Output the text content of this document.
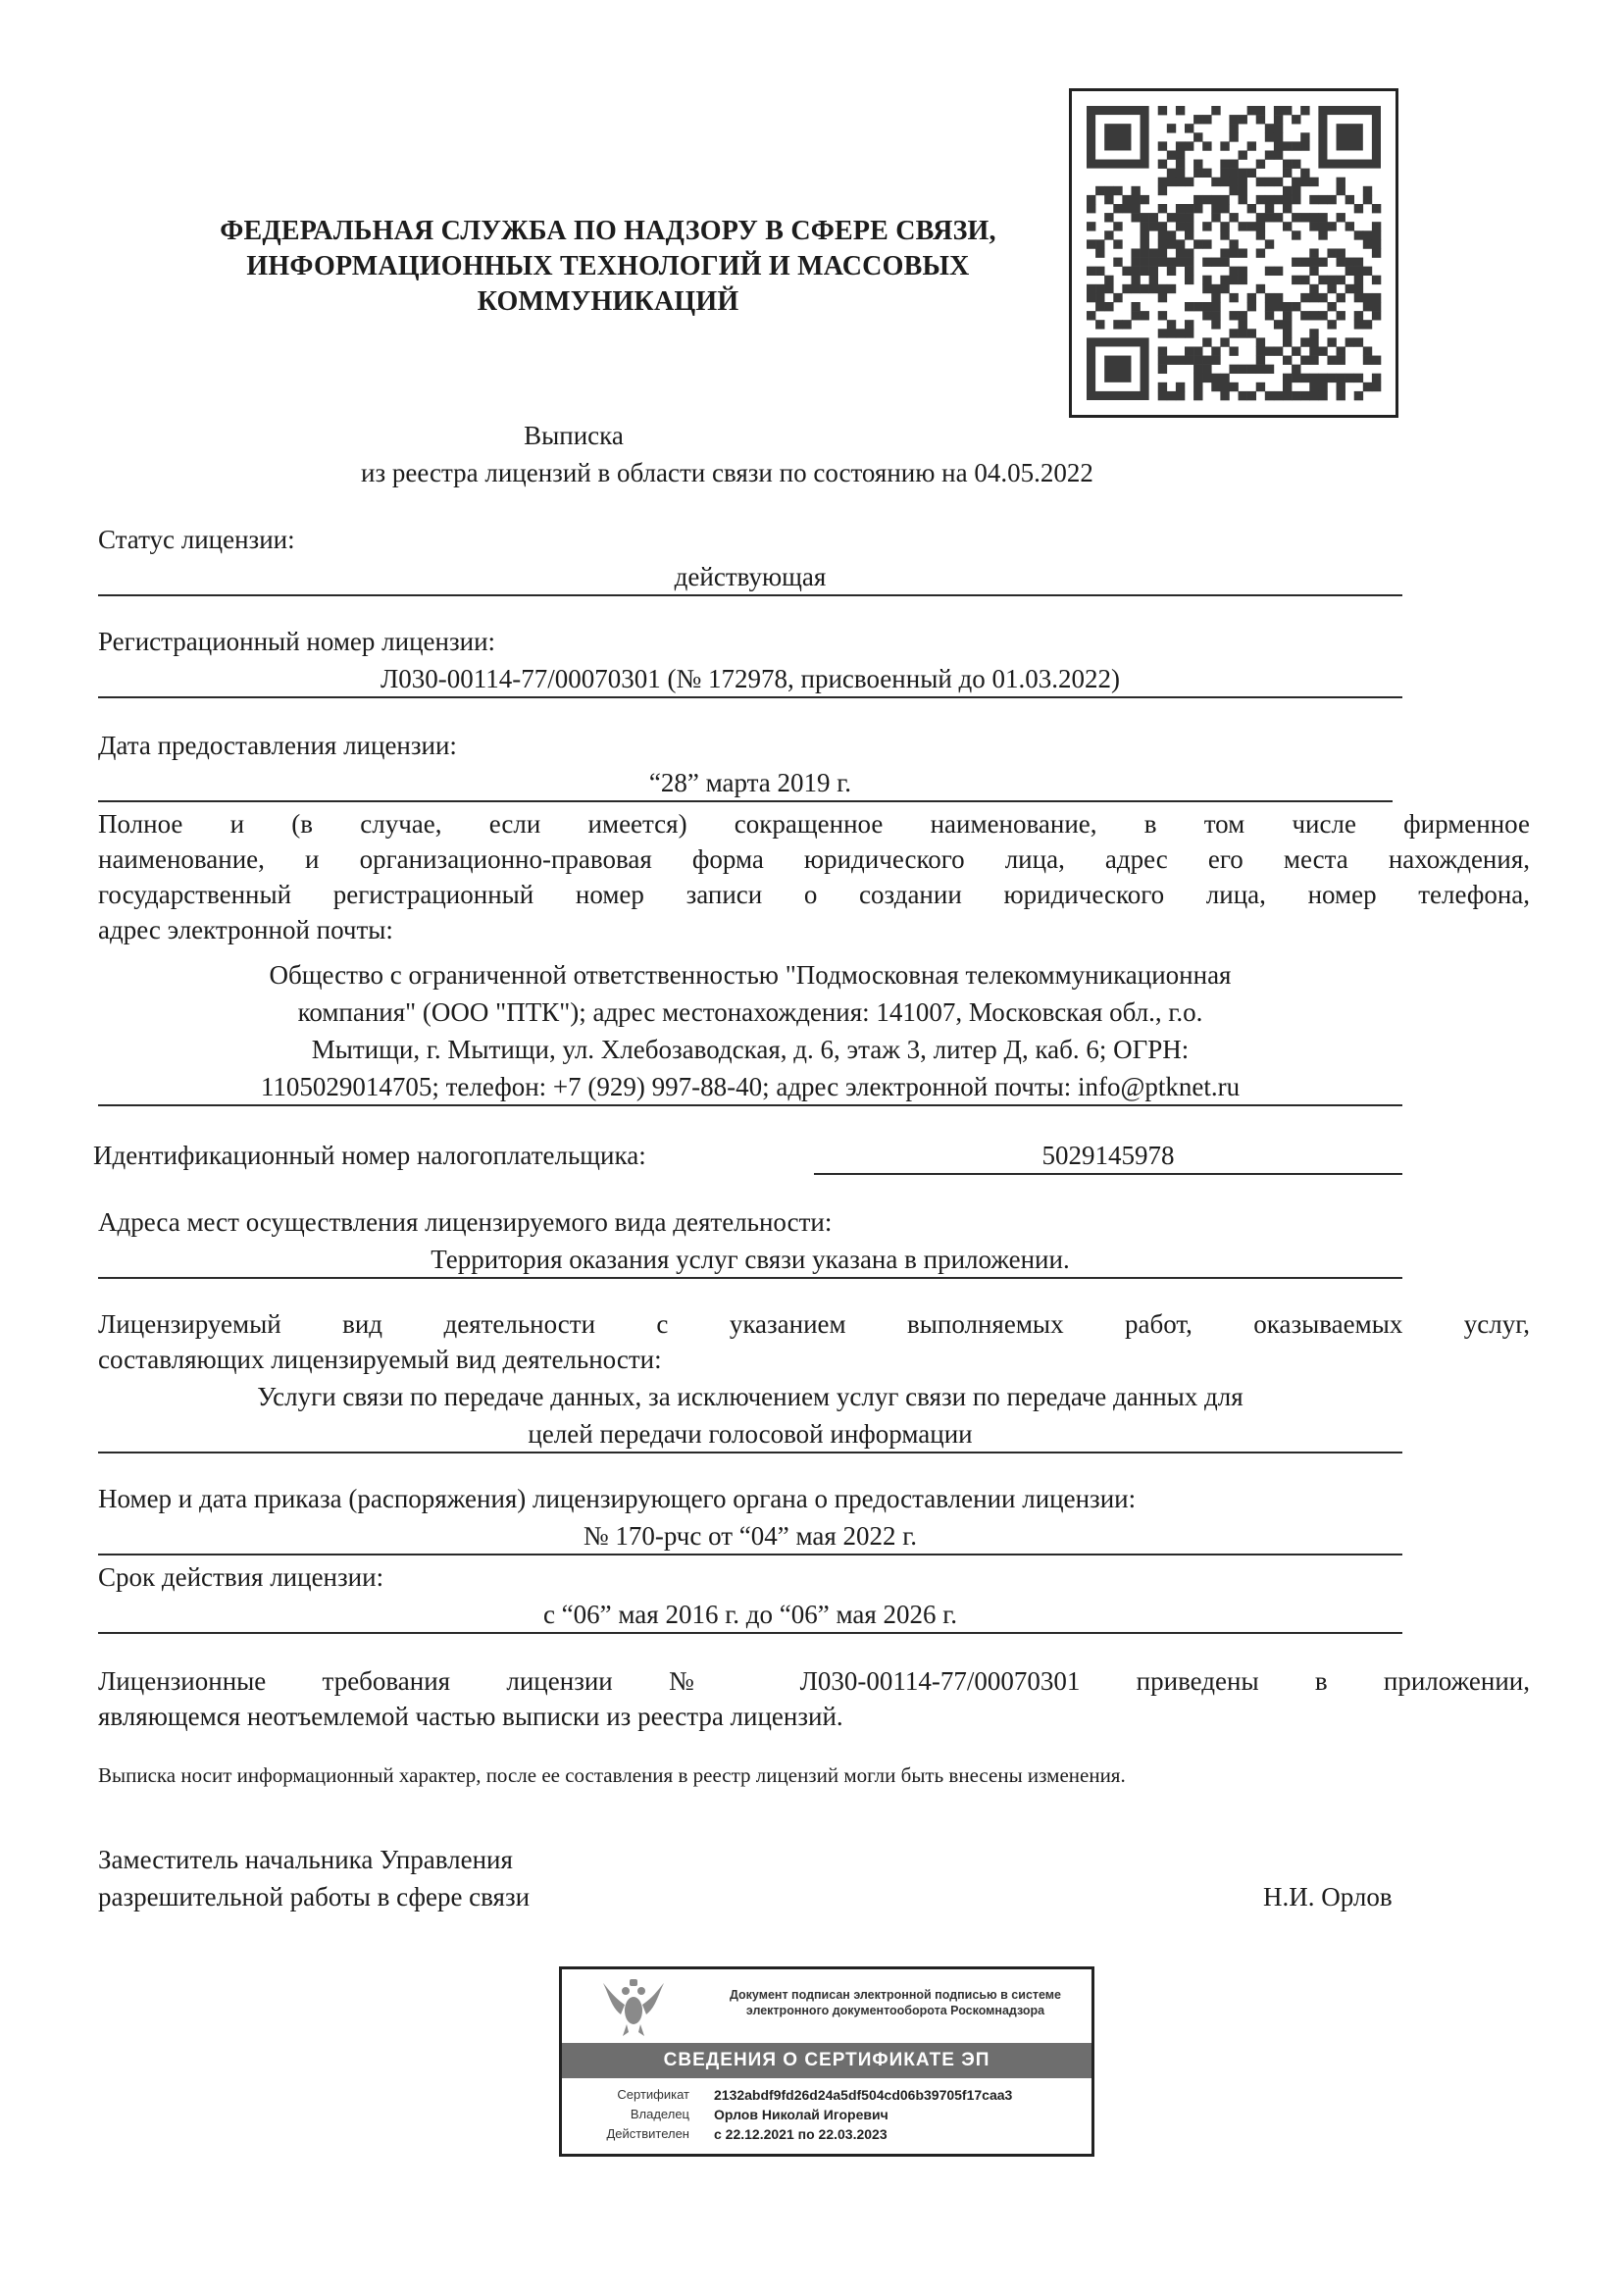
ФЕДЕРАЛЬНАЯ СЛУЖБА ПО НАДЗОРУ В СФЕРЕ СВЯЗИ,
ИНФОРМАЦИОННЫХ ТЕХНОЛОГИЙ И МАССОВЫХ
КОММУНИКАЦИЙ
Выписка
из реестра лицензий в области связи по состоянию на 04.05.2022
Статус лицензии:
действующая
Регистрационный номер лицензии:
Л030-00114-77/00070301 (№ 172978, присвоенный до 01.03.2022)
Дата предоставления лицензии:
“28” марта 2019 г.
Полное и (в случае, если имеется) сокращенное наименование, в том числе фирменное
наименование, и организационно-правовая форма юридического лица, адрес его места нахождения,
государственный регистрационный номер записи о создании юридического лица, номер телефона,
адрес электронной почты:
Общество с ограниченной ответственностью "Подмосковная телекоммуникационная
компания" (ООО "ПТК"); адрес местонахождения: 141007, Московская обл., г.о.
Мытищи, г. Мытищи, ул. Хлебозаводская, д. 6, этаж 3, литер Д, каб. 6; ОГРН:
1105029014705; телефон: +7 (929) 997-88-40; адрес электронной почты: info@ptknet.ru
Идентификационный номер налогоплательщика:	5029145978
Адреса мест осуществления лицензируемого вида деятельности:
Территория оказания услуг связи указана в приложении.
Лицензируемый вид деятельности с указанием выполняемых работ, оказываемых услуг,
составляющих лицензируемый вид деятельности:
Услуги связи по передаче данных, за исключением услуг связи по передаче данных для
целей передачи голосовой информации
Номер и дата приказа (распоряжения) лицензирующего органа о предоставлении лицензии:
№ 170-рчс от “04” мая 2022 г.
Срок действия лицензии:
с “06” мая 2016 г. до “06” мая 2026 г.
Лицензионные требования лицензии № Л030-00114-77/00070301 приведены в приложении,
являющемся неотъемлемой частью выписки из реестра лицензий.
Выписка носит информационный характер, после ее составления в реестр лицензий могли быть внесены изменения.
Заместитель начальника Управления
разрешительной работы в сфере связи	Н.И. Орлов
Документ подписан электронной подписью в системе
электронного документооборота Роскомнадзора
СВЕДЕНИЯ О СЕРТИФИКАТЕ ЭП
Сертификат 2132abdf9fd26d24a5df504cd06b39705f17caa3
Владелец Орлов Николай Игоревич
Действителен с 22.12.2021 по 22.03.2023
